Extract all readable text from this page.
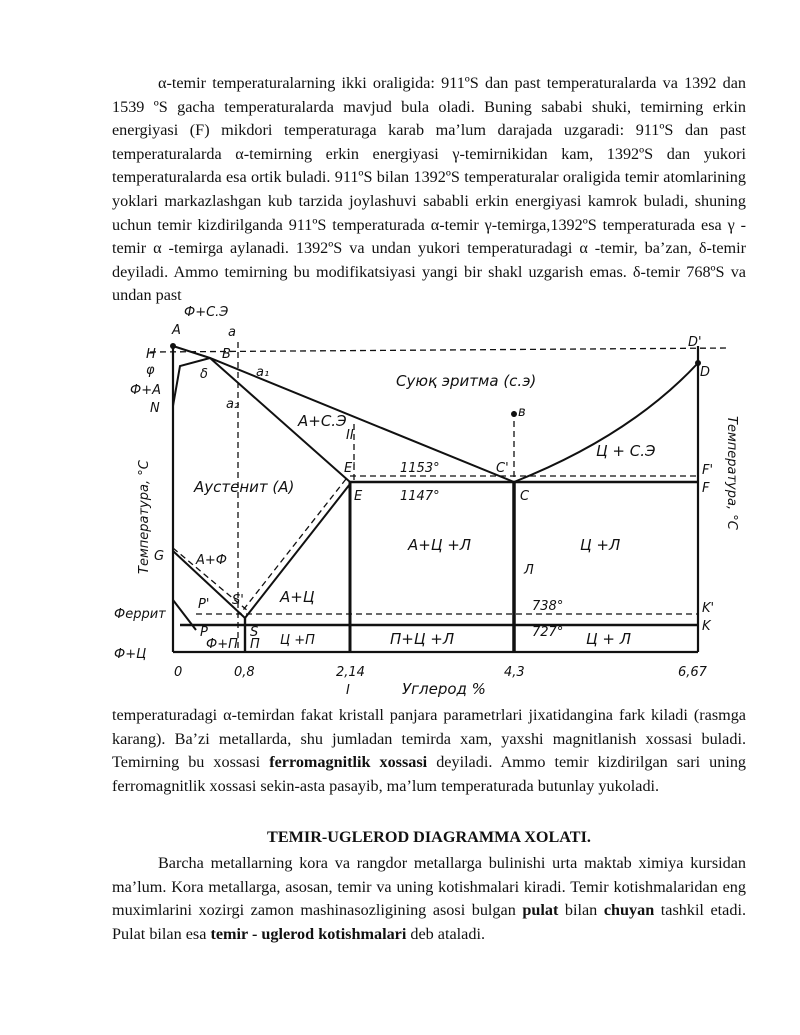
α-temir temperaturalarning ikki oraligida: 911ºS dan past temperaturalarda va 1392 dan 1539 ºS gacha temperaturalarda mavjud bula oladi. Buning sababi shuki, temirning erkin energiyasi (F) mikdori temperaturaga karab ma’lum darajada uzgaradi: 911ºS dan past temperaturalarda α-temirning erkin energiyasi γ-temirnikidan kam, 1392ºS dan yukori temperaturalarda esa ortik buladi. 911ºS bilan 1392ºS temperaturalar oraligida temir atomlarining yoklari markazlashgan kub tarzida joylashuvi sababli erkin energiyasi kamrok buladi, shuning uchun temir kizdirilganda 911ºS temperaturada α-temir γ-temirga,1392ºS temperaturada esa γ -temir α -temirga aylanadi. 1392ºS va undan yukori temperaturadagi α -temir, ba’zan, δ-temir deyiladi. Ammo temirning bu modifikatsiyasi yangi bir shakl uzgarish emas. δ-temir 768ºS va undan past

Ф+С.Э
A	a
H
φ
Ф+А
N
δ
B
a₁
a₂
D'
D
Суюқ эритма (с.э)
А+С.Э
II
в
Ц + С.Э
Аустенит (А)
E'	1153°	C'	F'
E	1147°	C
F
А+Ц +Л	Ц +Л
G А+Ф
А+Ц
Л
P' S'
Феррит
738°	K'
P	S	727°	K
Ф+П П Ц +П	П+Ц +Л	Ц + Л
Ф+Ц
0	0,8	2,14	4,3	6,67
I	Углерод %
Температура, °С	Температура, °С

temperaturadagi α-temirdan fakat kristall panjara parametrlari jixatidangina fark kiladi (rasmga karang). Ba’zi metallarda, shu jumladan temirda xam, yaxshi magnitlanish xossasi buladi. Temirning bu xossasi ferromagnitlik xossasi deyiladi. Ammo temir kizdirilgan sari uning ferromagnitlik xossasi sekin-asta pasayib, ma’lum temperaturada butunlay yukoladi.

TEMIR-UGLEROD DIAGRAMMA XOLATI.

Barcha metallarning kora va rangdor metallarga bulinishi urta maktab ximiya kursidan ma’lum. Kora metallarga, asosan, temir va uning kotishmalari kiradi. Temir kotishmalaridan eng muximlarini xozirgi zamon mashinasozligining asosi bulgan pulat bilan chuyan tashkil etadi. Pulat bilan esa temir - uglerod kotishmalari deb ataladi.
